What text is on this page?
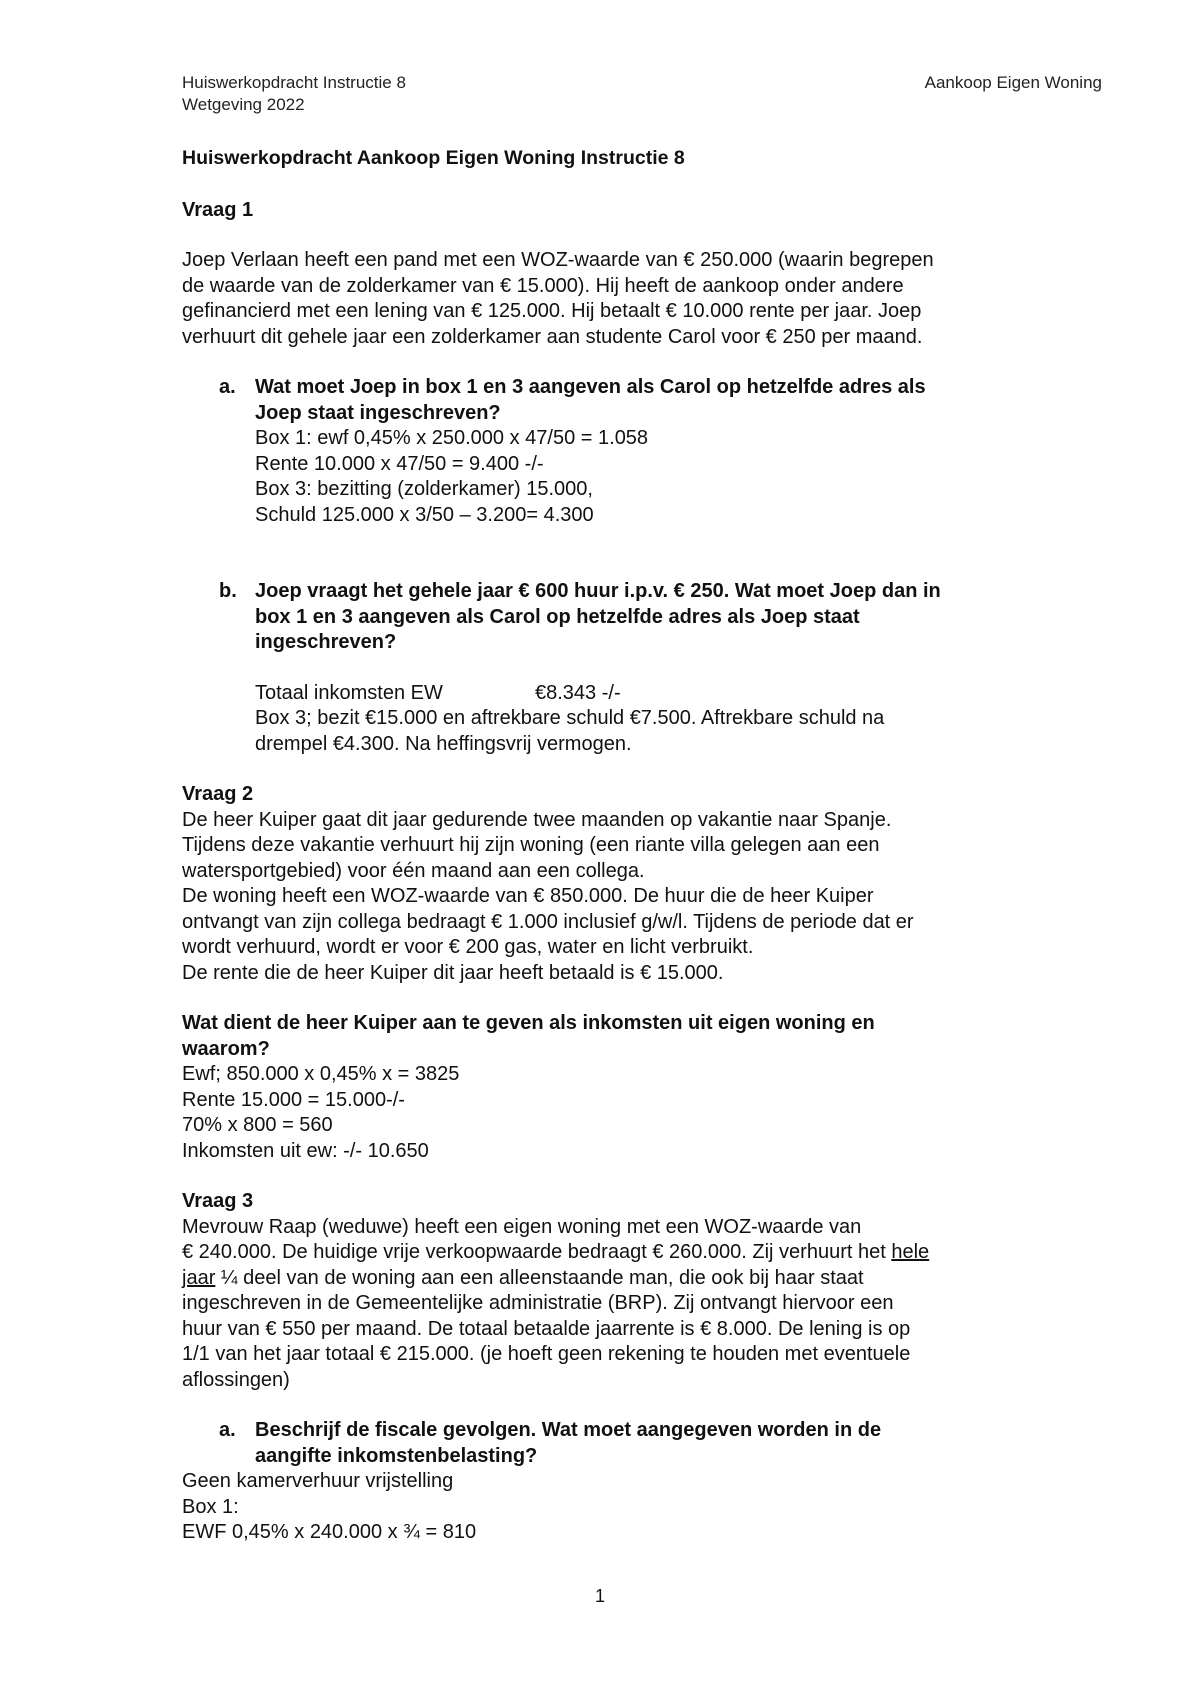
Huiswerkopdracht Instructie 8
Wetgeving 2022
Aankoop Eigen Woning

Huiswerkopdracht Aankoop Eigen Woning Instructie 8

Vraag 1

Joep Verlaan heeft een pand met een WOZ-waarde van € 250.000 (waarin begrepen

de waarde van de zolderkamer van € 15.000). Hij heeft de aankoop onder andere

gefinancierd met een lening van € 125.000. Hij betaalt € 10.000 rente per jaar. Joep

verhuurt dit gehele jaar een zolderkamer aan studente Carol voor € 250 per maand.

a. Wat moet Joep in box 1 en 3 aangeven als Carol op hetzelfde adres als

Joep staat ingeschreven?

Box 1: ewf 0,45% x 250.000 x 47/50 = 1.058

Rente 10.000 x 47/50 = 9.400 -/-

Box 3: bezitting (zolderkamer) 15.000,

Schuld 125.000 x 3/50 – 3.200= 4.300

b. Joep vraagt het gehele jaar € 600 huur i.p.v. € 250. Wat moet Joep dan in

box 1 en 3 aangeven als Carol op hetzelfde adres als Joep staat

ingeschreven?

Totaal inkomsten EW	€8.343 -/-

Box 3; bezit €15.000 en aftrekbare schuld €7.500. Aftrekbare schuld na

drempel €4.300. Na heffingsvrij vermogen.

Vraag 2

De heer Kuiper gaat dit jaar gedurende twee maanden op vakantie naar Spanje.

Tijdens deze vakantie verhuurt hij zijn woning (een riante villa gelegen aan een

watersportgebied) voor één maand aan een collega.

De woning heeft een WOZ-waarde van € 850.000. De huur die de heer Kuiper

ontvangt van zijn collega bedraagt € 1.000 inclusief g/w/l. Tijdens de periode dat er

wordt verhuurd, wordt er voor € 200 gas, water en licht verbruikt.

De rente die de heer Kuiper dit jaar heeft betaald is € 15.000.

Wat dient de heer Kuiper aan te geven als inkomsten uit eigen woning en

waarom?

Ewf; 850.000 x 0,45% x = 3825

Rente 15.000 = 15.000-/-

70% x 800 = 560

Inkomsten uit ew: -/- 10.650

Vraag 3

Mevrouw Raap (weduwe) heeft een eigen woning met een WOZ-waarde van

€ 240.000. De huidige vrije verkoopwaarde bedraagt € 260.000. Zij verhuurt het hele

jaar ¼ deel van de woning aan een alleenstaande man, die ook bij haar staat

ingeschreven in de Gemeentelijke administratie (BRP). Zij ontvangt hiervoor een

huur van € 550 per maand. De totaal betaalde jaarrente is € 8.000. De lening is op

1/1 van het jaar totaal € 215.000. (je hoeft geen rekening te houden met eventuele

aflossingen)

a. Beschrijf de fiscale gevolgen. Wat moet aangegeven worden in de

aangifte inkomstenbelasting?

Geen kamerverhuur vrijstelling

Box 1:

EWF 0,45% x 240.000 x ¾ = 810

1
